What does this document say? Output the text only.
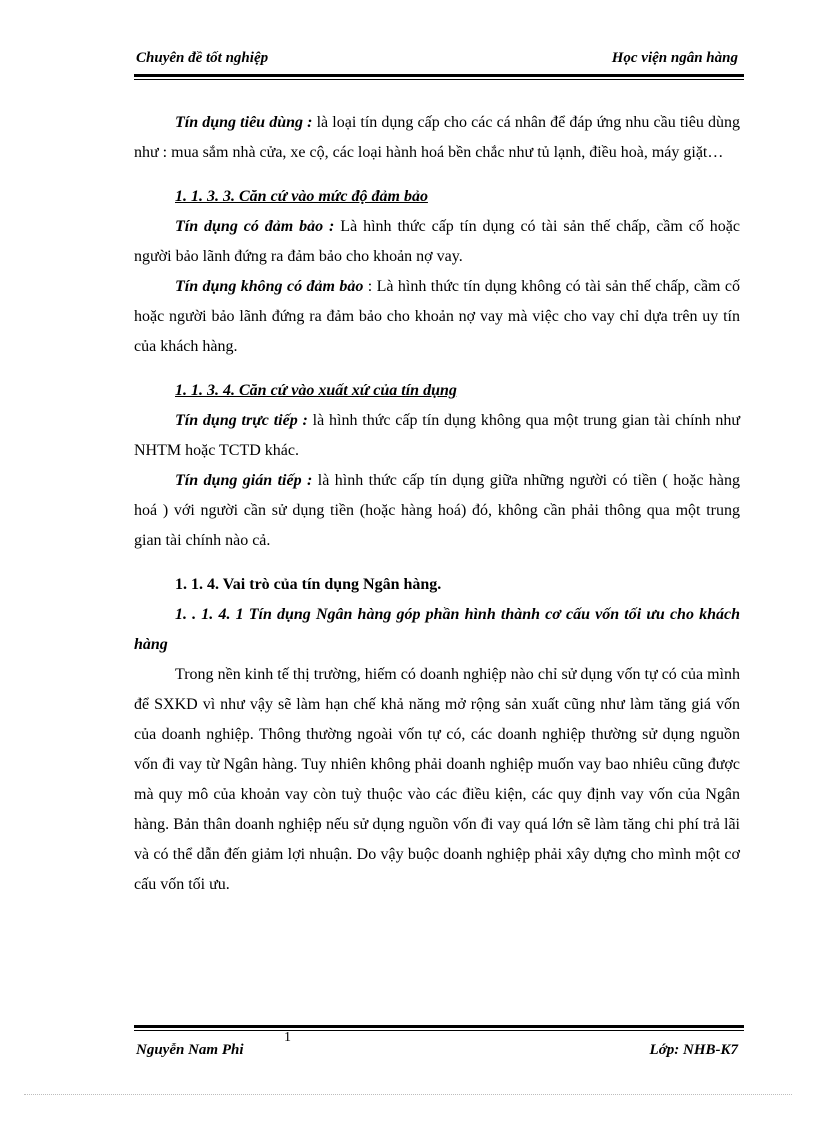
Chuyên đề tốt nghiệp	Học viện ngân hàng

Tín dụng tiêu dùng : là loại tín dụng cấp cho các cá nhân để đáp ứng nhu cầu tiêu dùng như : mua sắm nhà cửa, xe cộ, các loại hành hoá bền chắc như tủ lạnh, điều hoà, máy giặt…

1. 1. 3. 3. Căn cứ vào mức độ đảm bảo

Tín dụng có đảm bảo : Là hình thức cấp tín dụng có tài sản thế chấp, cầm cố hoặc người bảo lãnh đứng ra đảm bảo cho khoản nợ vay.

Tín dụng không có đảm bảo : Là hình thức tín dụng không có tài sản thế chấp, cầm cố hoặc người bảo lãnh đứng ra đảm bảo cho khoản nợ vay mà việc cho vay chỉ dựa trên uy tín của khách hàng.

1. 1. 3. 4. Căn cứ vào xuất xứ của tín dụng

Tín dụng trực tiếp : là hình thức cấp tín dụng không qua một trung gian tài chính như NHTM hoặc TCTD khác.

Tín dụng gián tiếp : là hình thức cấp tín dụng giữa những người có tiền ( hoặc hàng hoá ) với người cần sử dụng tiền (hoặc hàng hoá) đó, không cần phải thông qua một trung gian tài chính nào cả.

1. 1. 4. Vai trò của tín dụng Ngân hàng.

1. . 1. 4. 1 Tín dụng Ngân hàng góp phần hình thành cơ cấu vốn tối ưu cho khách hàng

Trong nền kinh tế thị trường, hiếm có doanh nghiệp nào chỉ sử dụng vốn tự có của mình để SXKD vì như vậy sẽ làm hạn chế khả năng mở rộng sản xuất cũng như làm tăng giá vốn của doanh nghiệp. Thông thường ngoài vốn tự có, các doanh nghiệp thường sử dụng nguồn vốn đi vay từ Ngân hàng. Tuy nhiên không phải doanh nghiệp muốn vay bao nhiêu cũng được mà quy mô của khoản vay còn tuỳ thuộc vào các điều kiện, các quy định vay vốn của Ngân hàng. Bản thân doanh nghiệp nếu sử dụng nguồn vốn đi vay quá lớn sẽ làm tăng chi phí trả lãi và có thể dẫn đến giảm lợi nhuận. Do vậy buộc doanh nghiệp phải xây dựng cho mình một cơ cấu vốn tối ưu.

Nguyễn Nam Phi	Lớp: NHB-K7
1
